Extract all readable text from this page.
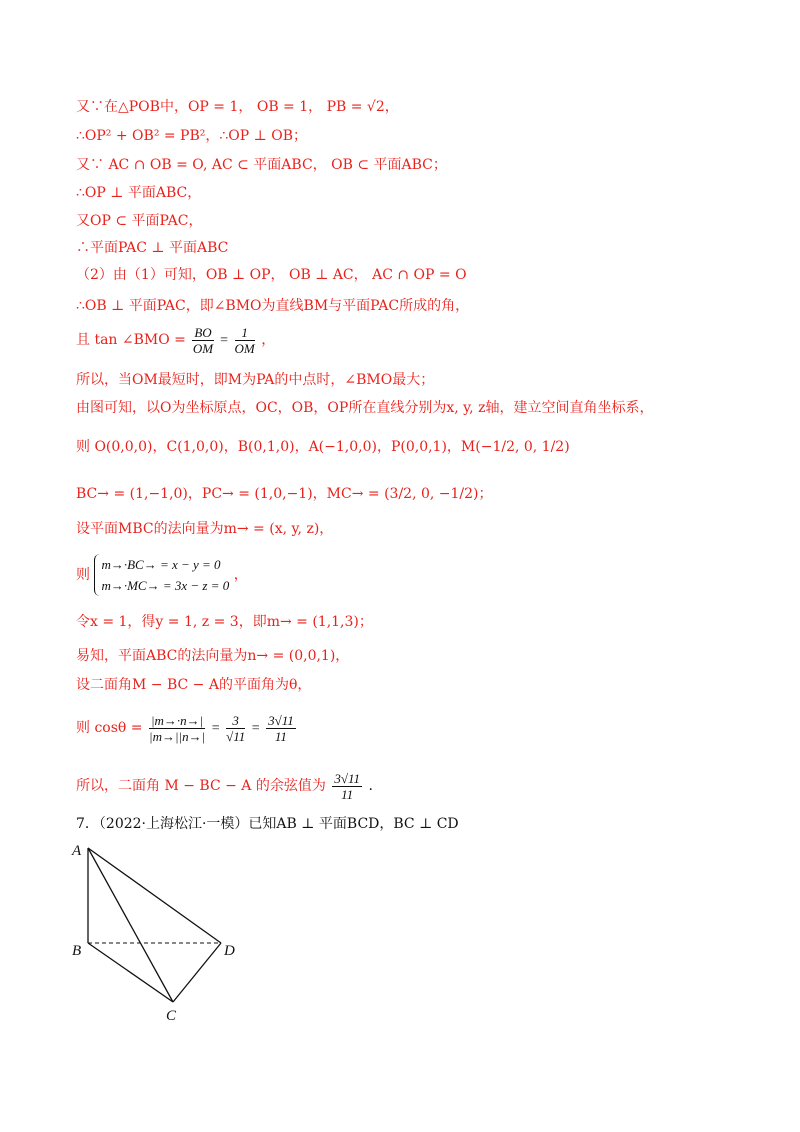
又∵在△POB中，OP = 1， OB = 1， PB = √2，
∴OP² + OB² = PB²，∴OP ⊥ OB；
又∵ AC ∩ OB = O, AC ⊂ 平面ABC， OB ⊂ 平面ABC；
∴OP ⊥ 平面ABC，
又OP ⊂ 平面PAC，
∴平面PAC ⊥ 平面ABC
（2）由（1）可知，OB ⊥ OP， OB ⊥ AC， AC ∩ OP = O
∴OB ⊥ 平面PAC，即∠BMO为直线BM与平面PAC所成的角，
且 tan ∠BMO = $\frac{BO}{OM} = \frac{1}{OM}$ ，
所以，当OM最短时，即M为PA的中点时，∠BMO最大；
由图可知，以O为坐标原点，OC，OB，OP所在直线分别为x, y, z轴，建立空间直角坐标系，
则 O(0,0,0)，C(1,0,0)，B(0,1,0)，A(−1,0,0)，P(0,0,1)，M(−1/2, 0, 1/2)
BC→ = (1,−1,0)，PC→ = (1,0,−1)，MC→ = (3/2, 0, −1/2)；
设平面MBC的法向量为m→ = (x, y, z)，
则
m→·BC→ = x − y = 0
m→·MC→ = 3x − z = 0
，
令x = 1，得y = 1, z = 3，即m→ = (1,1,3)；
易知，平面ABC的法向量为n→ = (0,0,1)，
设二面角M − BC − A的平面角为θ，
则 $\cos\theta = \frac{|m\to\cdot n\to|}{|m\to||n\to|} = \frac{3}{√11} = \frac{3√11}{11}$
所以，二面角 M − BC − A 的余弦值为 $\frac{3√11}{11}$ .
7．（2022·上海松江·一模）已知AB ⊥ 平面BCD，BC ⊥ CD
A
B
C
D
